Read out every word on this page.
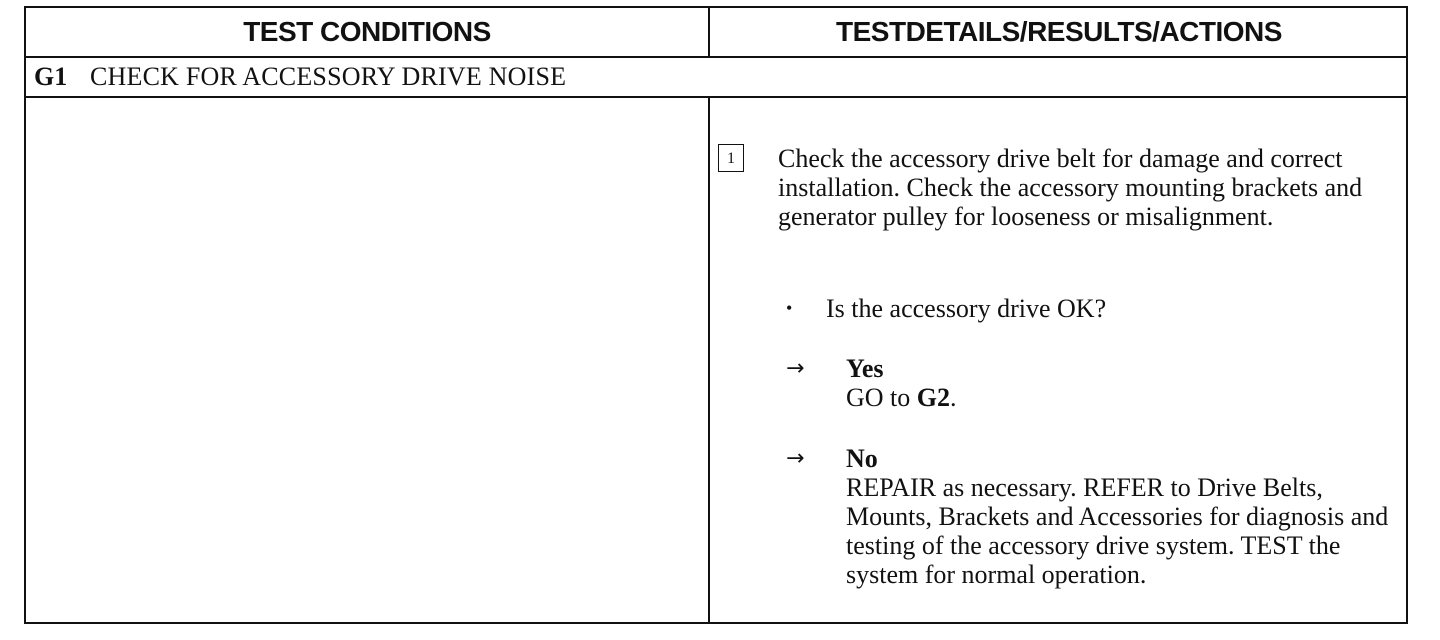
TEST CONDITIONS	TESTDETAILS/RESULTS/ACTIONS
G1 CHECK FOR ACCESSORY DRIVE NOISE
1	Check the accessory drive belt for damage and correct installation. Check the accessory mounting brackets and generator pulley for looseness or misalignment.
•	Is the accessory drive OK?
→	Yes
GO to G2.
→	No
REPAIR as necessary. REFER to Drive Belts, Mounts, Brackets and Accessories for diagnosis and testing of the accessory drive system. TEST the system for normal operation.
